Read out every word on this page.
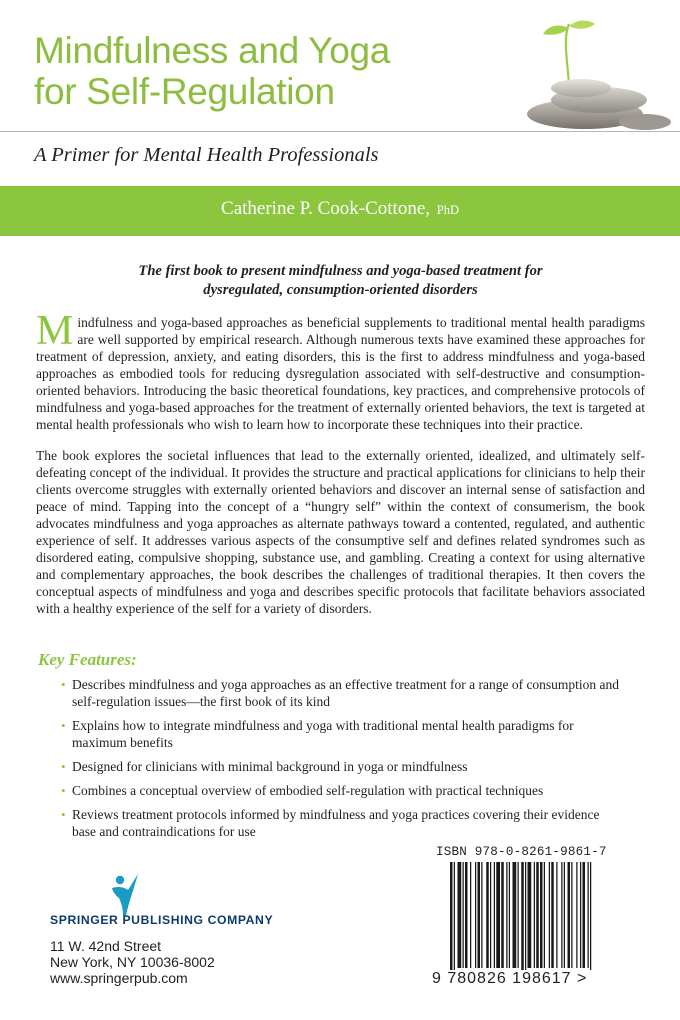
Mindfulness and Yoga
for Self-Regulation
A Primer for Mental Health Professionals
Catherine P. Cook-Cottone, PhD
The first book to present mindfulness and yoga-based treatment for
dysregulated, consumption-oriented disorders

Mindfulness and yoga-based approaches as beneficial supplements to traditional mental health paradigms are well supported by empirical research. Although numerous texts have examined these approaches for treatment of depression, anxiety, and eating disorders, this is the first to address mindfulness and yoga-based approaches as embodied tools for reducing dysregulation associated with self-destructive and consumption-oriented behaviors. Introducing the basic theoretical foundations, key practices, and comprehensive protocols of mindfulness and yoga-based approaches for the treatment of externally oriented behaviors, the text is targeted at mental health professionals who wish to learn how to incorporate these techniques into their practice.

The book explores the societal influences that lead to the externally oriented, idealized, and ultimately self-defeating concept of the individual. It provides the structure and practical applications for clinicians to help their clients overcome struggles with externally oriented behaviors and discover an internal sense of satisfaction and peace of mind. Tapping into the concept of a “hungry self” within the context of consumerism, the book advocates mindfulness and yoga approaches as alternate pathways toward a contented, regulated, and authentic experience of self. It addresses various aspects of the consumptive self and defines related syndromes such as disordered eating, compulsive shopping, substance use, and gambling. Creating a context for using alternative and complementary approaches, the book describes the challenges of traditional therapies. It then covers the conceptual aspects of mindfulness and yoga and describes specific protocols that facilitate behaviors associated with a healthy experience of the self for a variety of disorders.

Key Features:
• Describes mindfulness and yoga approaches as an effective treatment for a range of consumption and self-regulation issues—the first book of its kind
• Explains how to integrate mindfulness and yoga with traditional mental health paradigms for maximum benefits
• Designed for clinicians with minimal background in yoga or mindfulness
• Combines a conceptual overview of embodied self-regulation with practical techniques
• Reviews treatment protocols informed by mindfulness and yoga practices covering their evidence base and contraindications for use
SPRINGER PUBLISHING COMPANY
11 W. 42nd Street
New York, NY 10036-8002
www.springerpub.com
ISBN 978-0-8261-9861-7
9 780826 198617 >
